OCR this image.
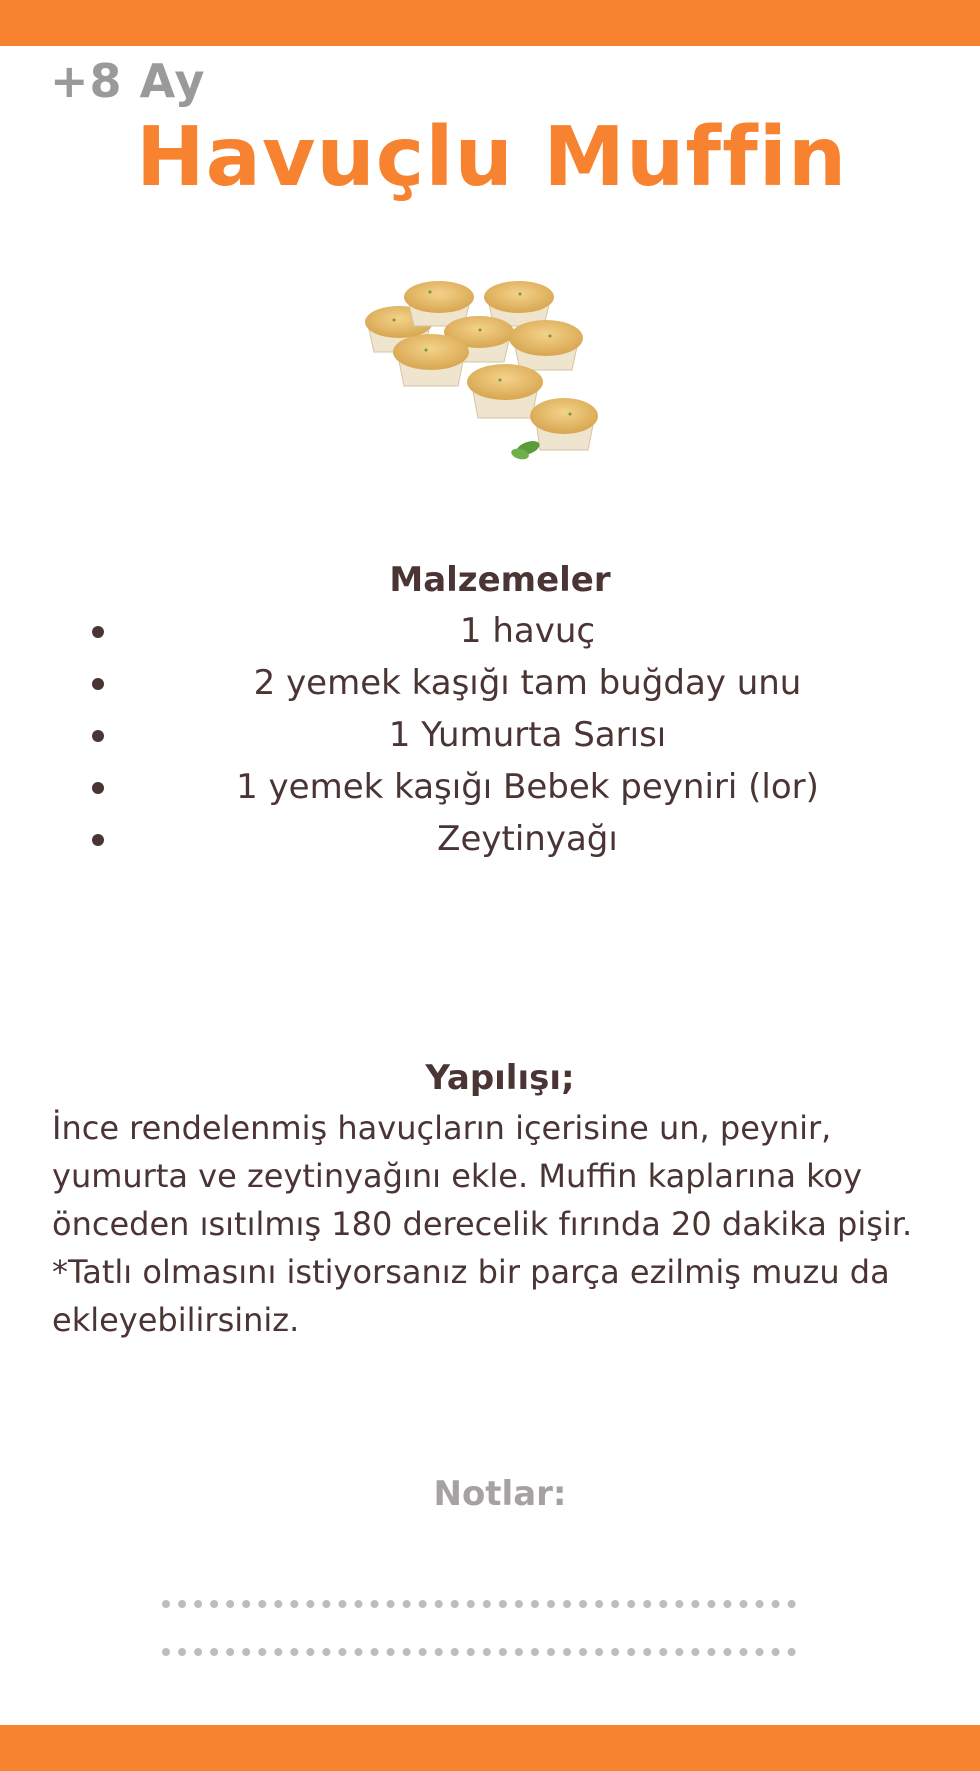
+8 Ay
Havuçlu Muffin
Malzemeler
1 havuç
2 yemek kaşığı tam buğday unu
1 Yumurta Sarısı
1 yemek kaşığı Bebek peyniri (lor)
Zeytinyağı
Yapılışı;

İnce rendelenmiş havuçların içerisine un, peynir, yumurta ve zeytinyağını ekle. Muffin kaplarına koy önceden ısıtılmış 180 derecelik fırında 20 dakika pişir.

*Tatlı olmasını istiyorsanız bir parça ezilmiş muzu da ekleyebilirsiniz.

Notlar:
